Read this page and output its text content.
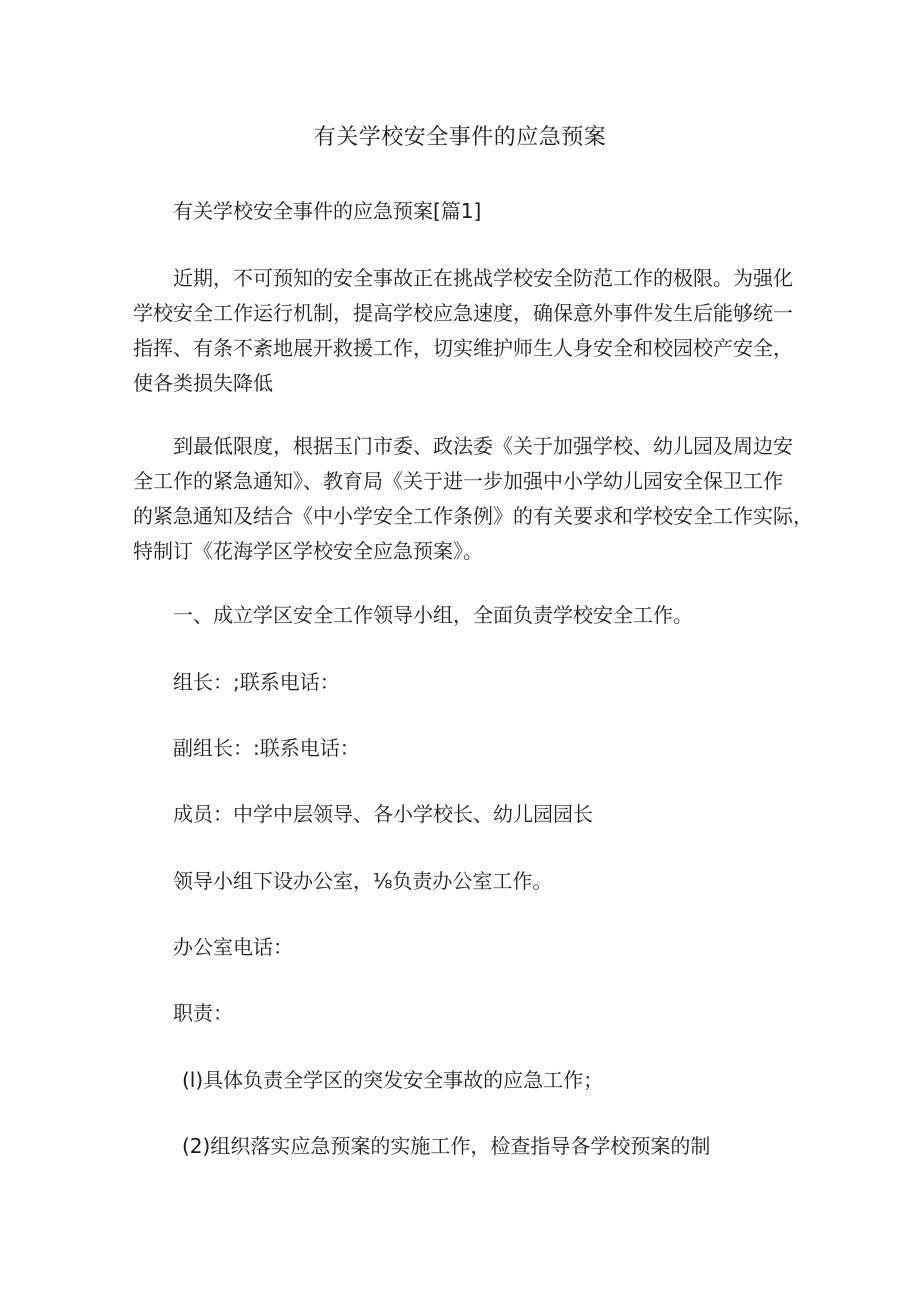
有关学校安全事件的应急预案
有关学校安全事件的应急预案[篇1]
近期，不可预知的安全事故正在挑战学校安全防范工作的极限。为强化
学校安全工作运行机制，提高学校应急速度，确保意外事件发生后能够统一
指挥、有条不紊地展开救援工作，切实维护师生人身安全和校园校产安全，
使各类损失降低
到最低限度，根据玉门市委、政法委《关于加强学校、幼儿园及周边安
全工作的紧急通知》、教育局《关于进一步加强中小学幼儿园安全保卫工作
的紧急通知及结合《中小学安全工作条例》的有关要求和学校安全工作实际，
特制订《花海学区学校安全应急预案》。
一、成立学区安全工作领导小组，全面负责学校安全工作。
组长：;联系电话：
副组长：:联系电话：
成员：中学中层领导、各小学校长、幼儿园园长
领导小组下设办公室，⅛负责办公室工作。
办公室电话：
职责：
(l)具体负责全学区的突发安全事故的应急工作；
(2)组织落实应急预案的实施工作，检查指导各学校预案的制
